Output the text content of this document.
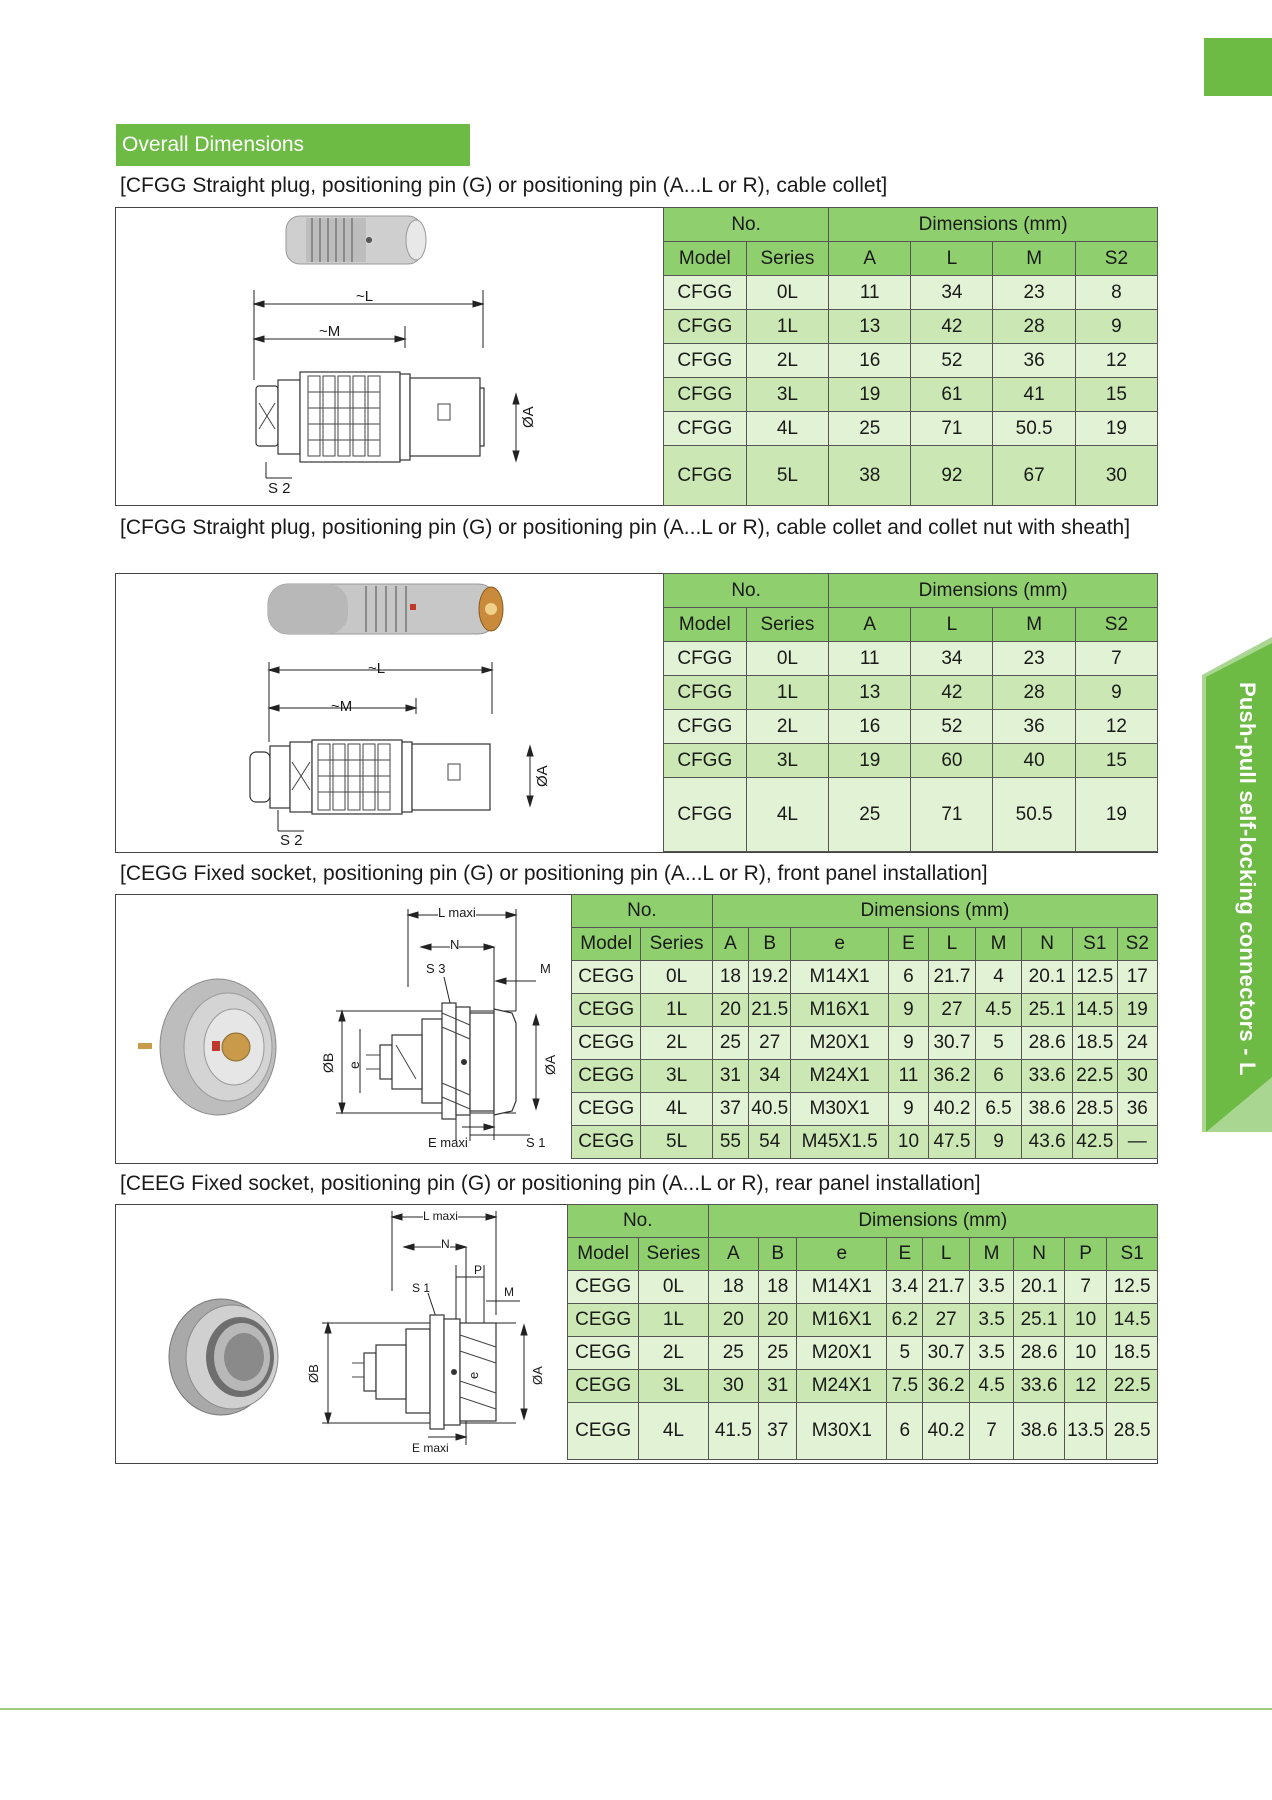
Push-pull self-locking connectors - L
Overall Dimensions
[CFGG Straight plug, positioning pin (G) or positioning pin (A...L or R), cable collet]
~L
~M
ØA
S 2
No.		Dimensions (mm)			
Model	Series	A	L	M	S2
CFGG	0L	11	34	23	8
CFGG	1L	13	42	28	9
CFGG	2L	16	52	36	12
CFGG	3L	19	61	41	15
CFGG	4L	25	71	50.5	19
CFGG	5L	38	92	67	30
[CFGG Straight plug, positioning pin (G) or positioning pin (A...L or R), cable collet and collet nut with sheath]
~L
~M
ØA
S 2
No.		Dimensions (mm)			
Model	Series	A	L	M	S2
CFGG	0L	11	34	23	7
CFGG	1L	13	42	28	9
CFGG	2L	16	52	36	12
CFGG	3L	19	60	40	15
CFGG	4L	25	71	50.5	19
[CEGG Fixed socket, positioning pin (G) or positioning pin (A...L or R), front panel installation]
L maxi
N
S 3	M
ØB e	ØA
E maxi	S 1
No.		Dimensions (mm)								
Model	Series	A	B	e	E	L	M	N	S1	S2
CEGG	0L	18	19.2	M14X1	6	21.7	4	20.1	12.5	17
CEGG	1L	20	21.5	M16X1	9	27	4.5	25.1	14.5	19
CEGG	2L	25	27	M20X1	9	30.7	5	28.6	18.5	24
CEGG	3L	31	34	M24X1	11	36.2	6	33.6	22.5	30
CEGG	4L	37	40.5	M30X1	9	40.2	6.5	38.6	28.5	36
CEGG	5L	55	54	M45X1.5	10	47.5	9	43.6	42.5	—
[CEEG Fixed socket, positioning pin (G) or positioning pin (A...L or R), rear panel installation]
L maxi
N
P
S 1	M
ØB	e	ØA
E maxi
No.		Dimensions (mm)								
Model	Series	A	B	e	E	L	M	N	P	S1
CEGG	0L	18	18	M14X1	3.4	21.7	3.5	20.1	7	12.5
CEGG	1L	20	20	M16X1	6.2	27	3.5	25.1	10	14.5
CEGG	2L	25	25	M20X1	5	30.7	3.5	28.6	10	18.5
CEGG	3L	30	31	M24X1	7.5	36.2	4.5	33.6	12	22.5
CEGG	4L	41.5	37	M30X1	6	40.2	7	38.6	13.5	28.5
